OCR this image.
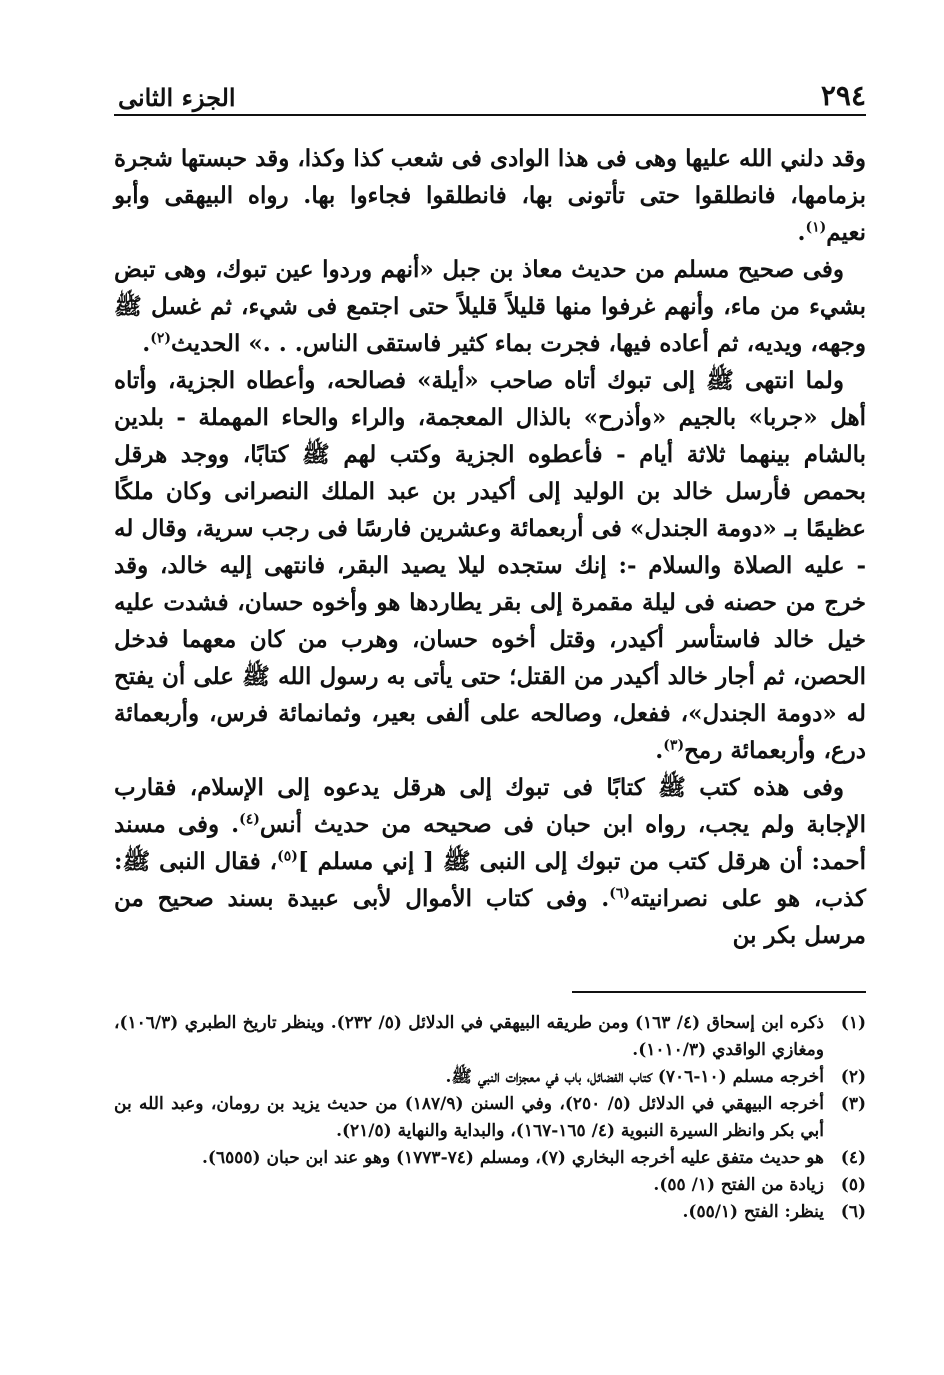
٢٩٤
الجزء الثانى

وقد دلني الله عليها وهى فى هذا الوادى فى شعب كذا وكذا، وقد حبستها شجرة بزمامها، فانطلقوا حتى تأتونى بها، فانطلقوا فجاءوا بها. رواه البيهقى وأبو نعيم$^{(١)}$.

وفى صحيح مسلم من حديث معاذ بن جبل «أنهم وردوا عين تبوك، وهى تبض بشيء من ماء، وأنهم غرفوا منها قليلاً قليلاً حتى اجتمع فى شيء، ثم غسل ﷺ وجهه، ويديه، ثم أعاده فيها، فجرت بماء كثير فاستقى الناس. . .» الحديث$^{(٢)}$.

ولما انتهى ﷺ إلى تبوك أتاه صاحب «أيلة» فصالحه، وأعطاه الجزية، وأتاه أهل «جربا» بالجيم «وأذرح» بالذال المعجمة، والراء والحاء المهملة - بلدين بالشام بينهما ثلاثة أيام - فأعطوه الجزية وكتب لهم ﷺ كتابًا، ووجد هرقل بحمص فأرسل خالد بن الوليد إلى أكيدر بن عبد الملك النصرانى وكان ملكًا عظيمًا بـ «دومة الجندل» فى أربعمائة وعشرين فارسًا فى رجب سرية، وقال له - عليه الصلاة والسلام -: إنك ستجده ليلا يصيد البقر، فانتهى إليه خالد، وقد خرج من حصنه فى ليلة مقمرة إلى بقر يطاردها هو وأخوه حسان، فشدت عليه خيل خالد فاستأسر أكيدر، وقتل أخوه حسان، وهرب من كان معهما فدخل الحصن، ثم أجار خالد أكيدر من القتل؛ حتى يأتى به رسول الله ﷺ على أن يفتح له «دومة الجندل»، ففعل، وصالحه على ألفى بعير، وثمانمائة فرس، وأربعمائة درع، وأربعمائة رمح$^{(٣)}$.

وفى هذه كتب ﷺ كتابًا فى تبوك إلى هرقل يدعوه إلى الإسلام، فقارب الإجابة ولم يجب، رواه ابن حبان فى صحيحه من حديث أنس$^{(٤)}$. وفى مسند أحمد: أن هرقل كتب من تبوك إلى النبى ﷺ [ إني مسلم ]$^{(٥)}$، فقال النبى ﷺ: كذب، هو على نصرانيته$^{(٦)}$. وفى كتاب الأموال لأبى عبيدة بسند صحيح من مرسل بكر بن

(١)
ذكره ابن إسحاق (٤/ ١٦٣) ومن طريقه البيهقي في الدلائل (٥/ ٢٣٢). وينظر تاريخ الطبري (١٠٦/٣)، ومغازي الواقدي (١٠١٠/٣).
(٢)
أخرجه مسلم (١٠-٧٠٦) كتاب الفضائل، باب في معجزات النبي ﷺ.
(٣)
أخرجه البيهقي في الدلائل (٥/ ٢٥٠)، وفي السنن (١٨٧/٩) من حديث يزيد بن رومان، وعبد الله بن أبي بكر وانظر السيرة النبوية (٤/ ١٦٥-١٦٧)، والبداية والنهاية (٢١/٥).
(٤)
هو حديث متفق عليه أخرجه البخاري (٧)، ومسلم (٧٤-١٧٧٣) وهو عند ابن حبان (٦٥٥٥).
(٥)
زيادة من الفتح (١/ ٥٥).
(٦)
ينظر: الفتح (٥٥/١).
